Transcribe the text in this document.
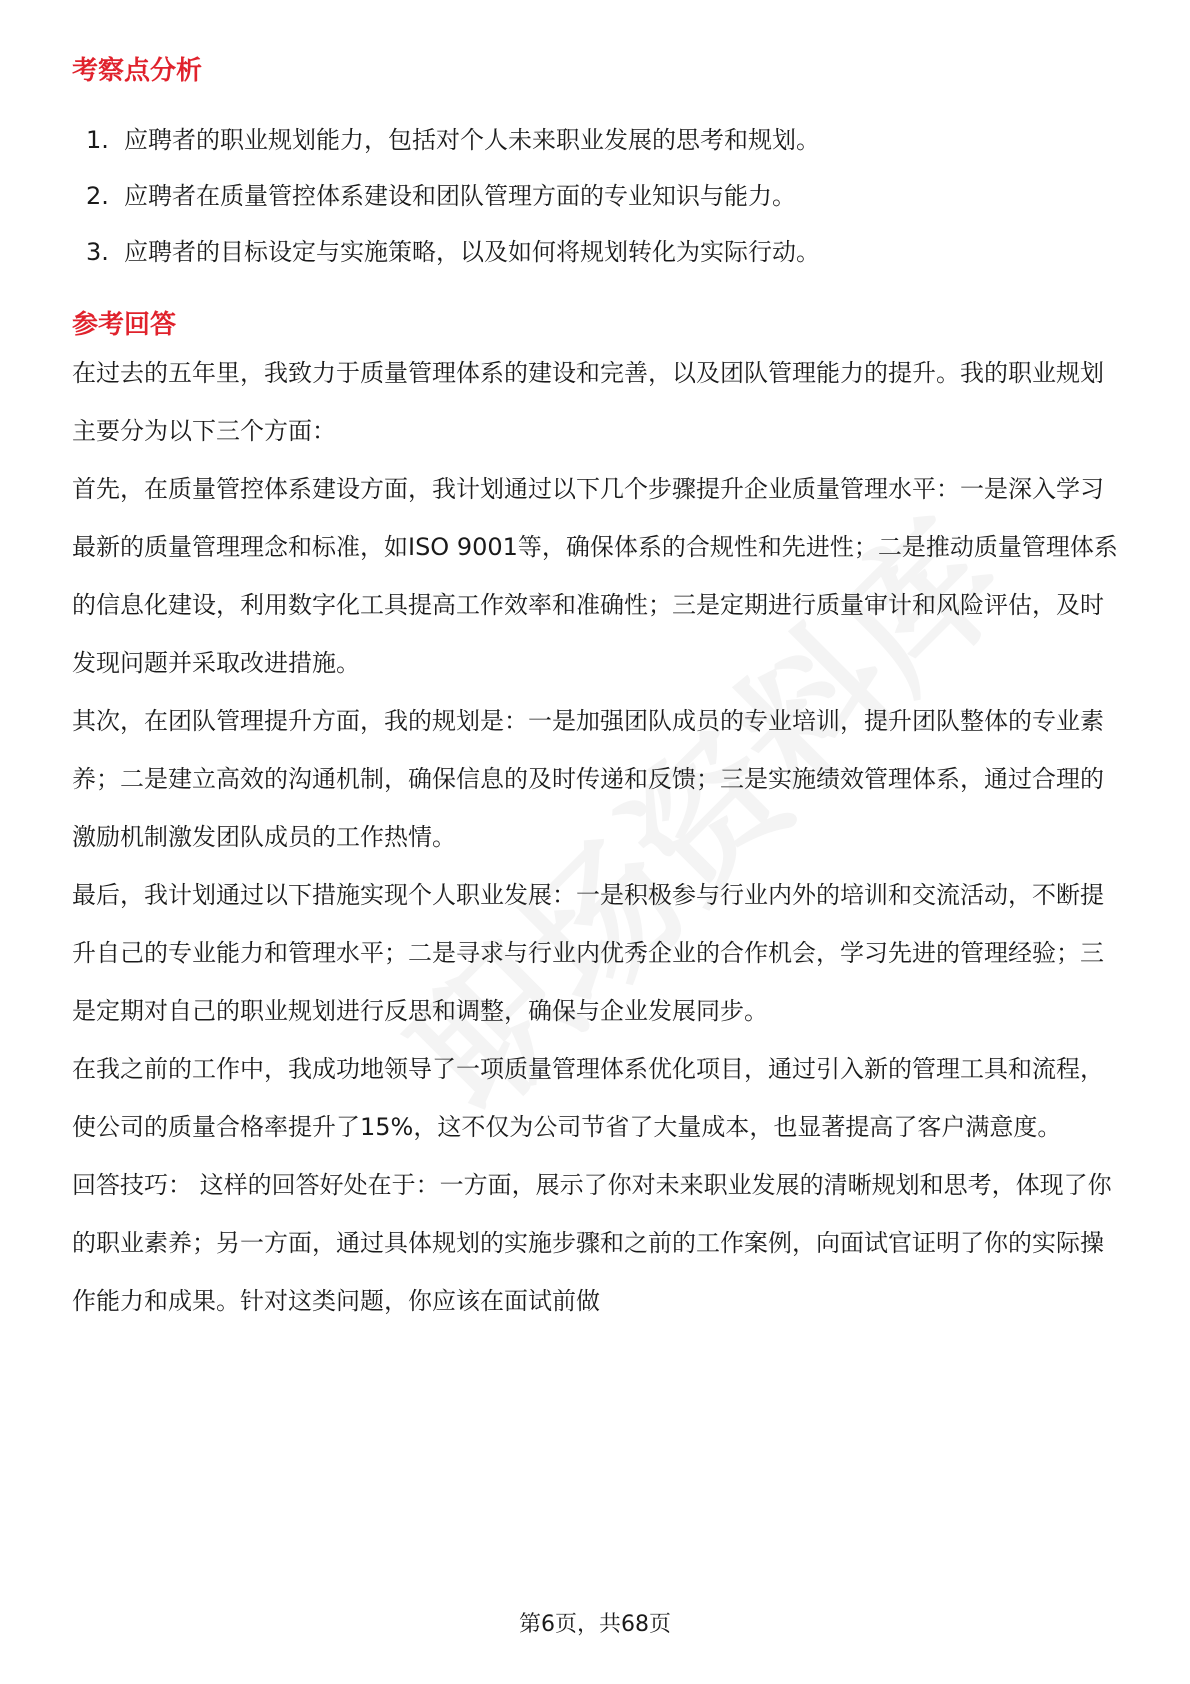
考察点分析
1. 应聘者的职业规划能力，包括对个人未来职业发展的思考和规划。
2. 应聘者在质量管控体系建设和团队管理方面的专业知识与能力。
3. 应聘者的目标设定与实施策略，以及如何将规划转化为实际行动。
参考回答

在过去的五年里，我致力于质量管理体系的建设和完善，以及团队管理能力的提升。我的职业规划主要分为以下三个方面：

首先，在质量管控体系建设方面，我计划通过以下几个步骤提升企业质量管理水平：一是深入学习最新的质量管理理念和标准，如ISO 9001等，确保体系的合规性和先进性；二是推动质量管理体系的信息化建设，利用数字化工具提高工作效率和准确性；三是定期进行质量审计和风险评估，及时发现问题并采取改进措施。

其次，在团队管理提升方面，我的规划是：一是加强团队成员的专业培训，提升团队整体的专业素养；二是建立高效的沟通机制，确保信息的及时传递和反馈；三是实施绩效管理体系，通过合理的激励机制激发团队成员的工作热情。

最后，我计划通过以下措施实现个人职业发展：一是积极参与行业内外的培训和交流活动，不断提升自己的专业能力和管理水平；二是寻求与行业内优秀企业的合作机会，学习先进的管理经验；三是定期对自己的职业规划进行反思和调整，确保与企业发展同步。

在我之前的工作中，我成功地领导了一项质量管理体系优化项目，通过引入新的管理工具和流程，使公司的质量合格率提升了15%，这不仅为公司节省了大量成本，也显著提高了客户满意度。

回答技巧： 这样的回答好处在于：一方面，展示了你对未来职业发展的清晰规划和思考，体现了你的职业素养；另一方面，通过具体规划的实施步骤和之前的工作案例，向面试官证明了你的实际操作能力和成果。针对这类问题，你应该在面试前做

第6页，共68页
